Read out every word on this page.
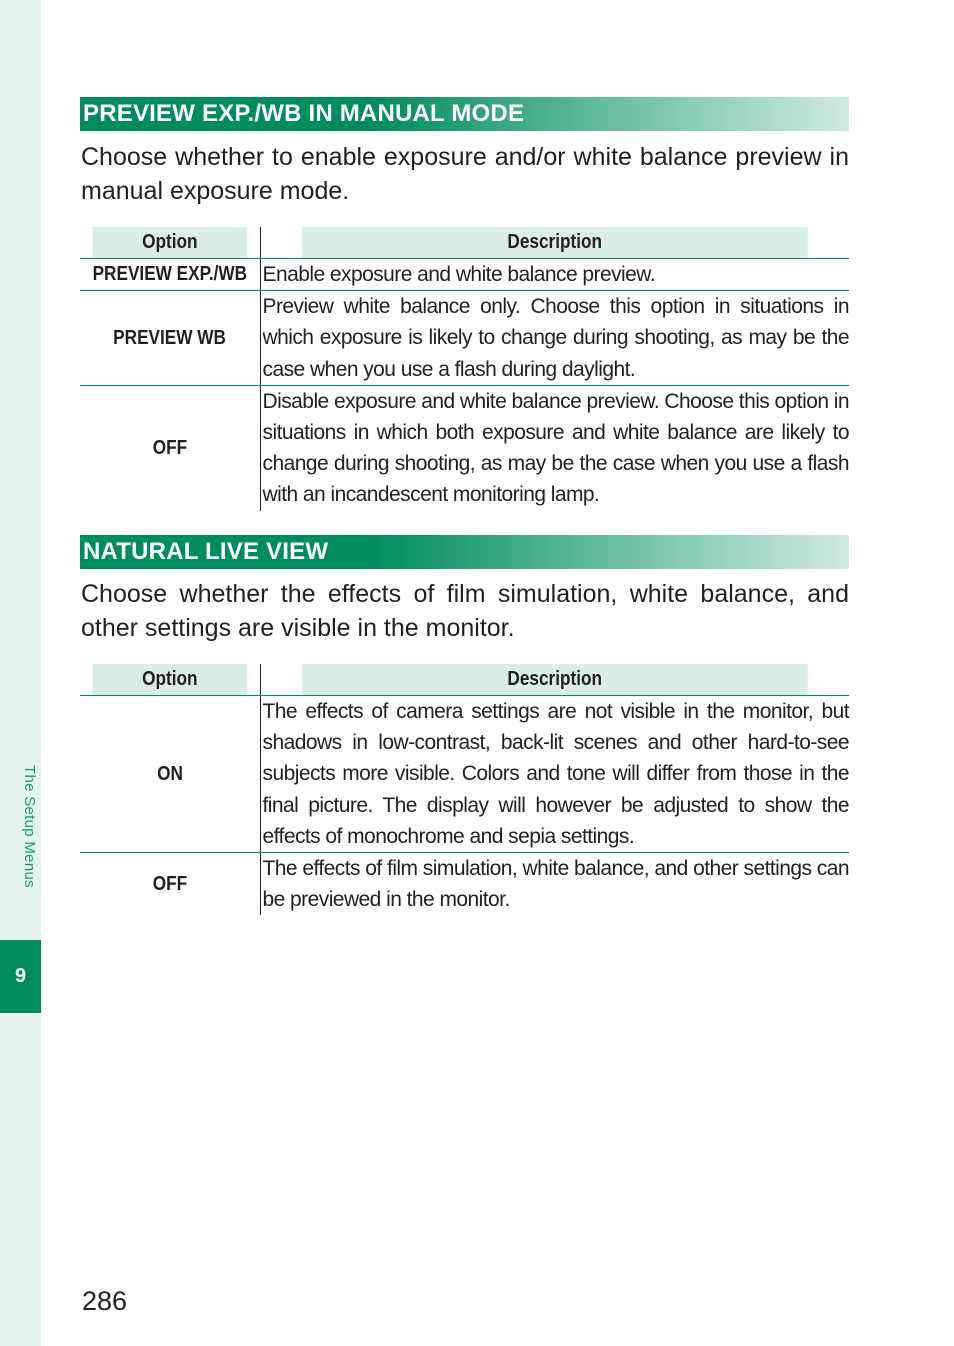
The Setup Menus
9
PREVIEW EXP./WB IN MANUAL MODE
Choose whether to enable exposure and/or white balance preview in manual exposure mode.
Option	Description
PREVIEW EXP./WB	Enable exposure and white balance preview.
PREVIEW WB	Preview white balance only. Choose this option in situations in which exposure is likely to change during shooting, as may be the case when you use a flash during daylight.
OFF	Disable exposure and white balance preview. Choose this option in situations in which both exposure and white balance are likely to change during shooting, as may be the case when you use a flash with an incandescent monitoring lamp.
NATURAL LIVE VIEW
Choose whether the effects of film simulation, white balance, and other settings are visible in the monitor.
Option	Description
ON	The effects of camera settings are not visible in the monitor, but shadows in low-contrast, back-lit scenes and other hard-to-see subjects more visible. Colors and tone will differ from those in the final picture. The display will however be adjusted to show the effects of monochrome and sepia settings.
OFF	The effects of film simulation, white balance, and other settings can be previewed in the monitor.
286
